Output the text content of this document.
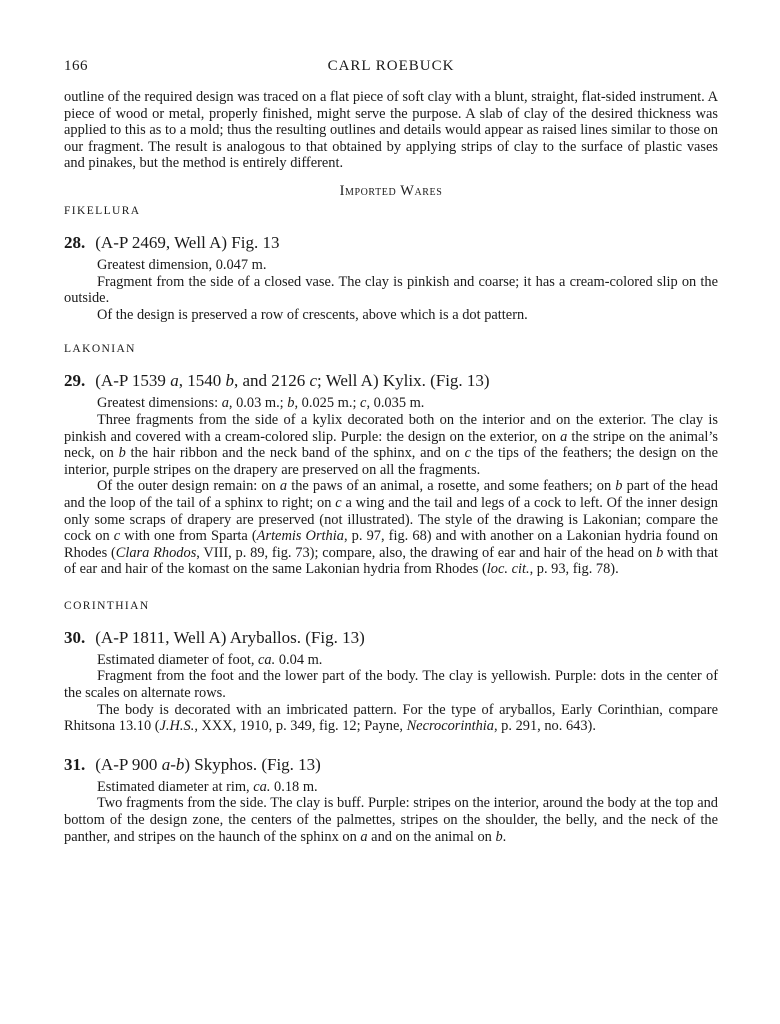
166	CARL ROEBUCK

outline of the required design was traced on a flat piece of soft clay with a blunt, straight, flat-sided instrument. A piece of wood or metal, properly finished, might serve the purpose. A slab of clay of the desired thickness was applied to this as to a mold; thus the resulting outlines and details would appear as raised lines similar to those on our fragment. The result is analogous to that obtained by applying strips of clay to the surface of plastic vases and pinakes, but the method is entirely different.

Imported Wares
FIKELLURA
28. (A-P 2469, Well A) Fig. 13

Greatest dimension, 0.047 m.

Fragment from the side of a closed vase. The clay is pinkish and coarse; it has a cream-colored slip on the outside.

Of the design is preserved a row of crescents, above which is a dot pattern.

LAKONIAN
29. (A-P 1539 a, 1540 b, and 2126 c; Well A) Kylix. (Fig. 13)

Greatest dimensions: a, 0.03 m.; b, 0.025 m.; c, 0.035 m.

Three fragments from the side of a kylix decorated both on the interior and on the exterior. The clay is pinkish and covered with a cream-colored slip. Purple: the design on the exterior, on a the stripe on the animal’s neck, on b the hair ribbon and the neck band of the sphinx, and on c the tips of the feathers; the design on the interior, purple stripes on the drapery are preserved on all the fragments.

Of the outer design remain: on a the paws of an animal, a rosette, and some feathers; on b part of the head and the loop of the tail of a sphinx to right; on c a wing and the tail and legs of a cock to left. Of the inner design only some scraps of drapery are preserved (not illustrated). The style of the drawing is Lakonian; compare the cock on c with one from Sparta (Artemis Orthia, p. 97, fig. 68) and with another on a Lakonian hydria found on Rhodes (Clara Rhodos, VIII, p. 89, fig. 73); compare, also, the drawing of ear and hair of the head on b with that of ear and hair of the komast on the same Lakonian hydria from Rhodes (loc. cit., p. 93, fig. 78).

CORINTHIAN
30. (A-P 1811, Well A) Aryballos. (Fig. 13)

Estimated diameter of foot, ca. 0.04 m.

Fragment from the foot and the lower part of the body. The clay is yellowish. Purple: dots in the center of the scales on alternate rows.

The body is decorated with an imbricated pattern. For the type of aryballos, Early Corinthian, compare Rhitsona 13.10 (J.H.S., XXX, 1910, p. 349, fig. 12; Payne, Necrocorinthia, p. 291, no. 643).

31. (A-P 900 a-b) Skyphos. (Fig. 13)

Estimated diameter at rim, ca. 0.18 m.

Two fragments from the side. The clay is buff. Purple: stripes on the interior, around the body at the top and bottom of the design zone, the centers of the palmettes, stripes on the shoulder, the belly, and the neck of the panther, and stripes on the haunch of the sphinx on a and on the animal on b.
